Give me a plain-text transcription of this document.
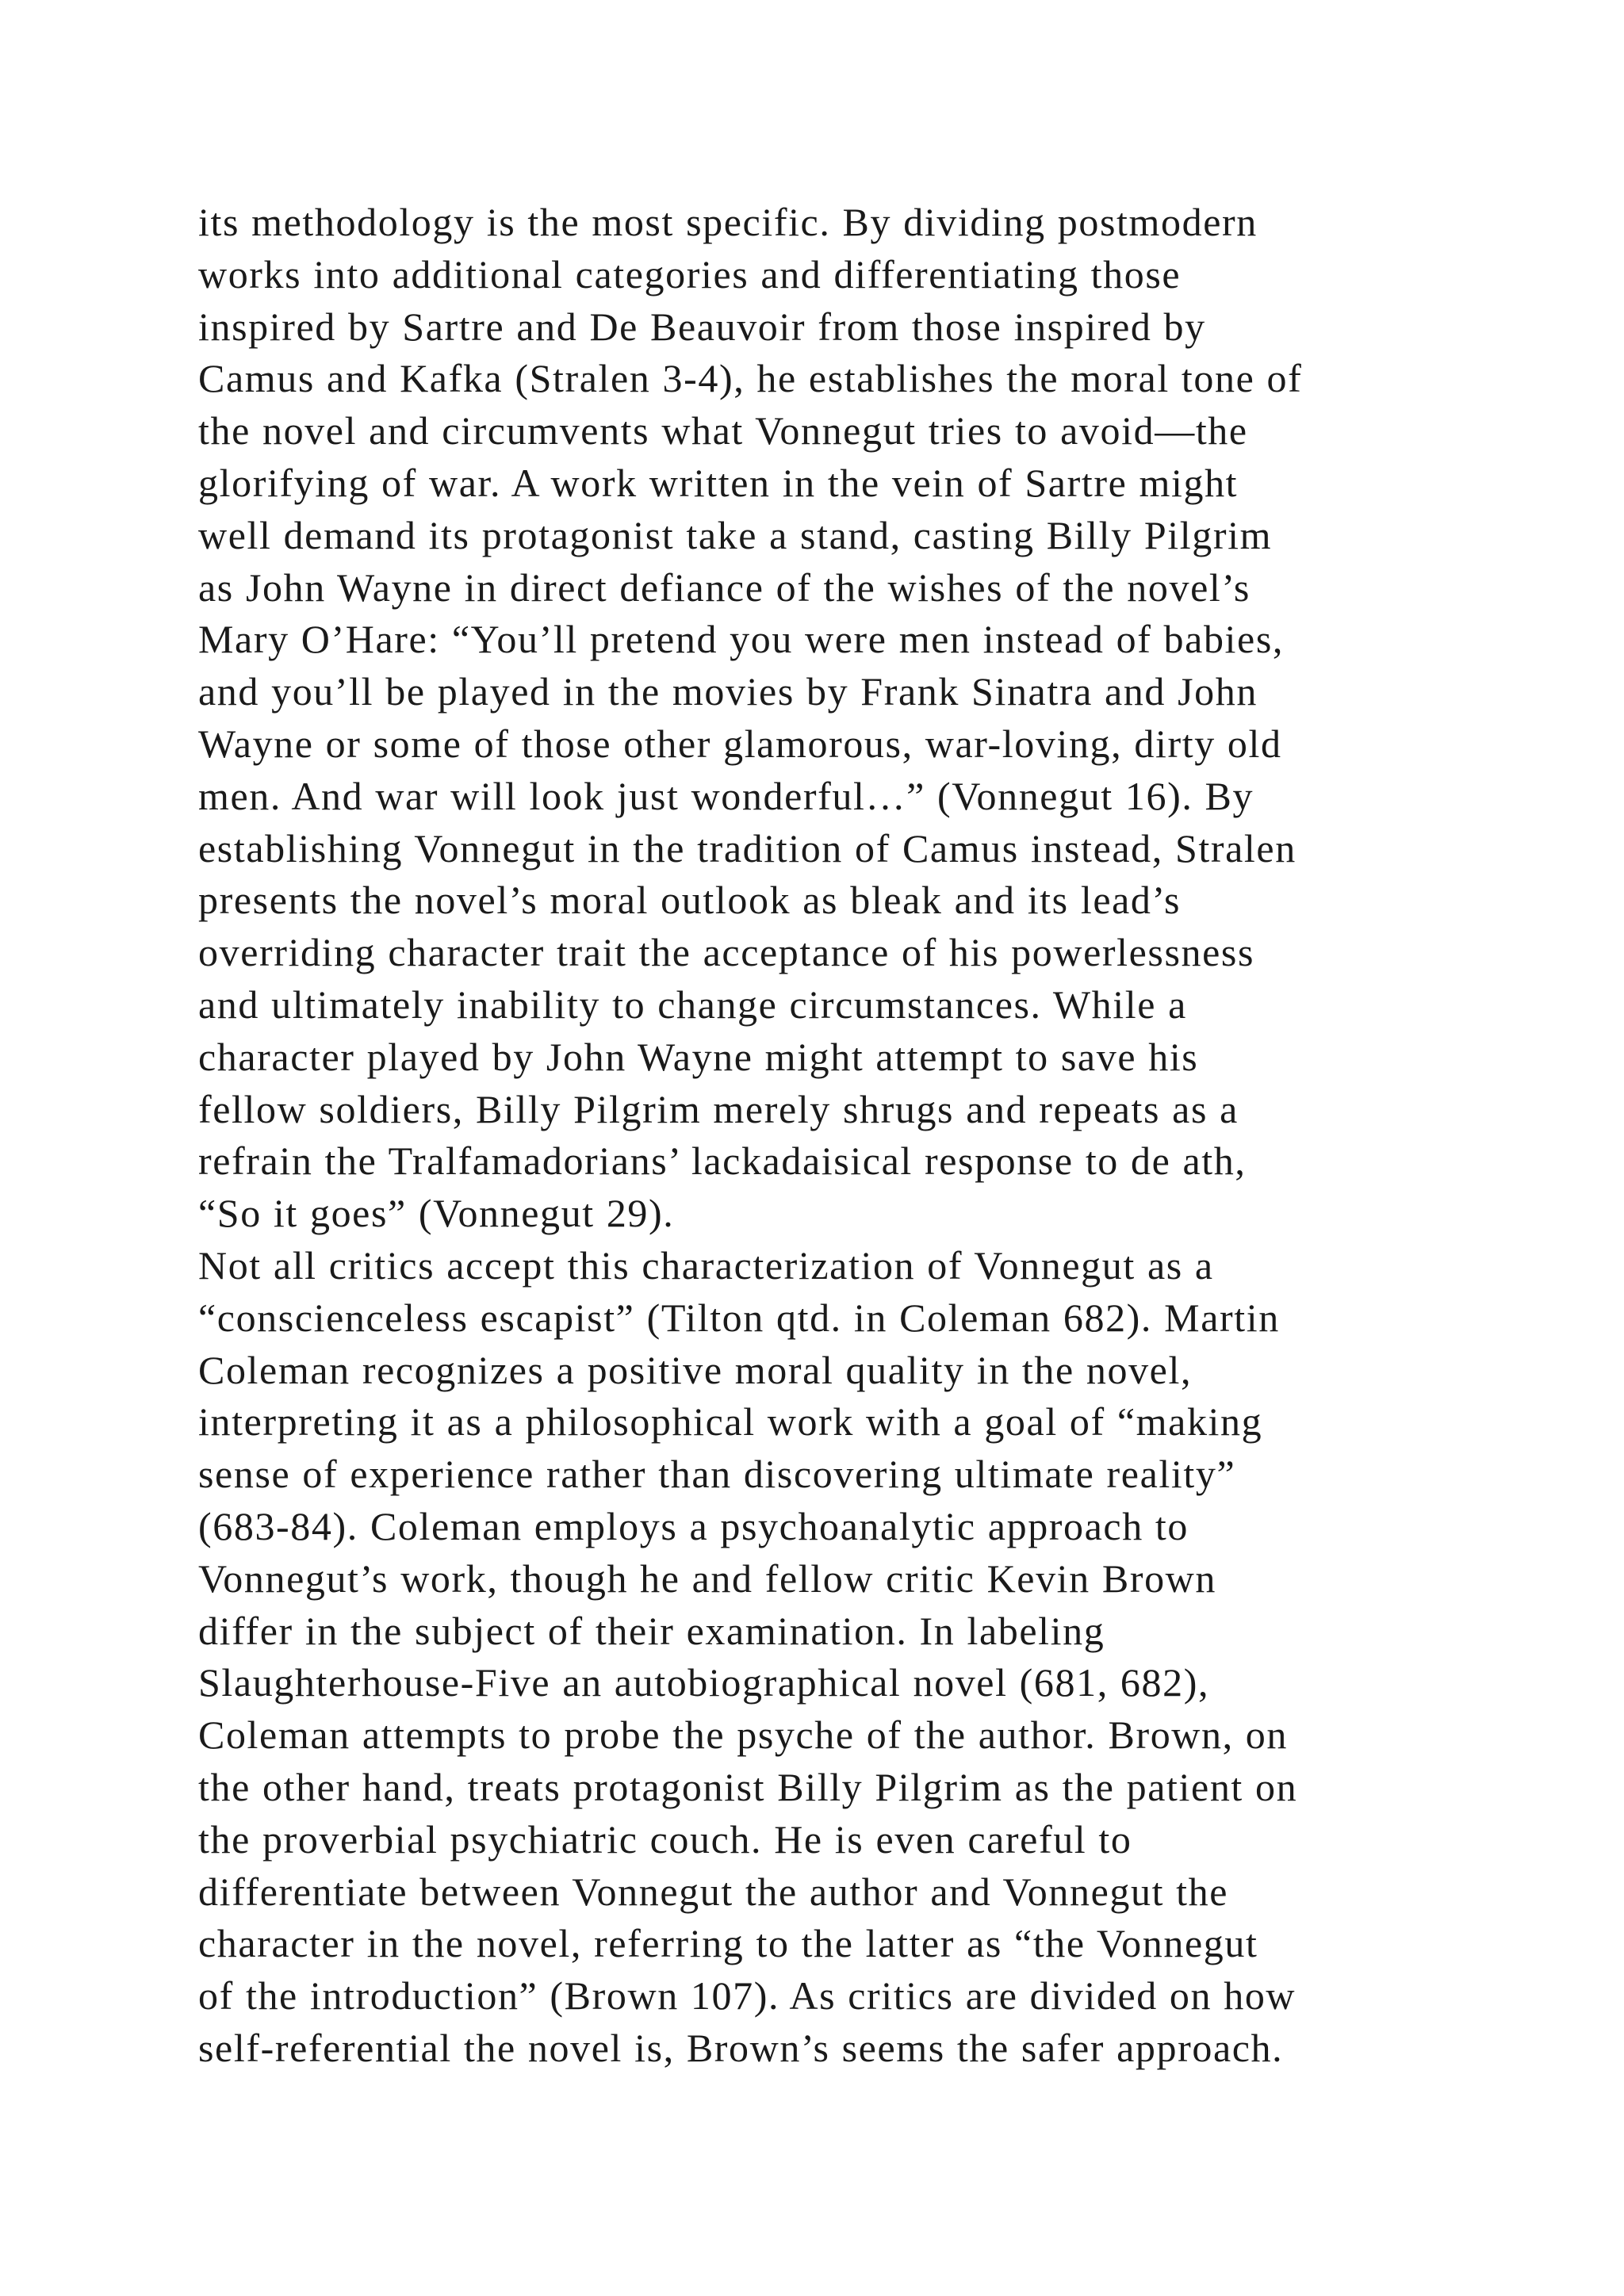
its methodology is the most specific. By dividing postmodern
works into additional categories and differentiating those
inspired by Sartre and De Beauvoir from those inspired by
Camus and Kafka (Stralen 3-4), he establishes the moral tone of
the novel and circumvents what Vonnegut tries to avoid—the
glorifying of war. A work written in the vein of Sartre might
well demand its protagonist take a stand, casting Billy Pilgrim
as John Wayne in direct defiance of the wishes of the novel’s
Mary O’Hare: “You’ll pretend you were men instead of babies,
and you’ll be played in the movies by Frank Sinatra and John
Wayne or some of those other glamorous, war-loving, dirty old
men. And war will look just wonderful…” (Vonnegut 16). By
establishing Vonnegut in the tradition of Camus instead, Stralen
presents the novel’s moral outlook as bleak and its lead’s
overriding character trait the acceptance of his powerlessness
and ultimately inability to change circumstances. While a
character played by John Wayne might attempt to save his
fellow soldiers, Billy Pilgrim merely shrugs and repeats as a
refrain the Tralfamadorians’ lackadaisical response to de ath,
“So it goes” (Vonnegut 29).
Not all critics accept this characterization of Vonnegut as a
“conscienceless escapist” (Tilton qtd. in Coleman 682). Martin
Coleman recognizes a positive moral quality in the novel,
interpreting it as a philosophical work with a goal of “making
sense of experience rather than discovering ultimate reality”
(683-84). Coleman employs a psychoanalytic approach to
Vonnegut’s work, though he and fellow critic Kevin Brown
differ in the subject of their examination. In labeling
Slaughterhouse-Five an autobiographical novel (681, 682),
Coleman attempts to probe the psyche of the author. Brown, on
the other hand, treats protagonist Billy Pilgrim as the patient on
the proverbial psychiatric couch. He is even careful to
differentiate between Vonnegut the author and Vonnegut the
character in the novel, referring to the latter as “the Vonnegut
of the introduction” (Brown 107). As critics are divided on how
self-referential the novel is, Brown’s seems the safer approach.
